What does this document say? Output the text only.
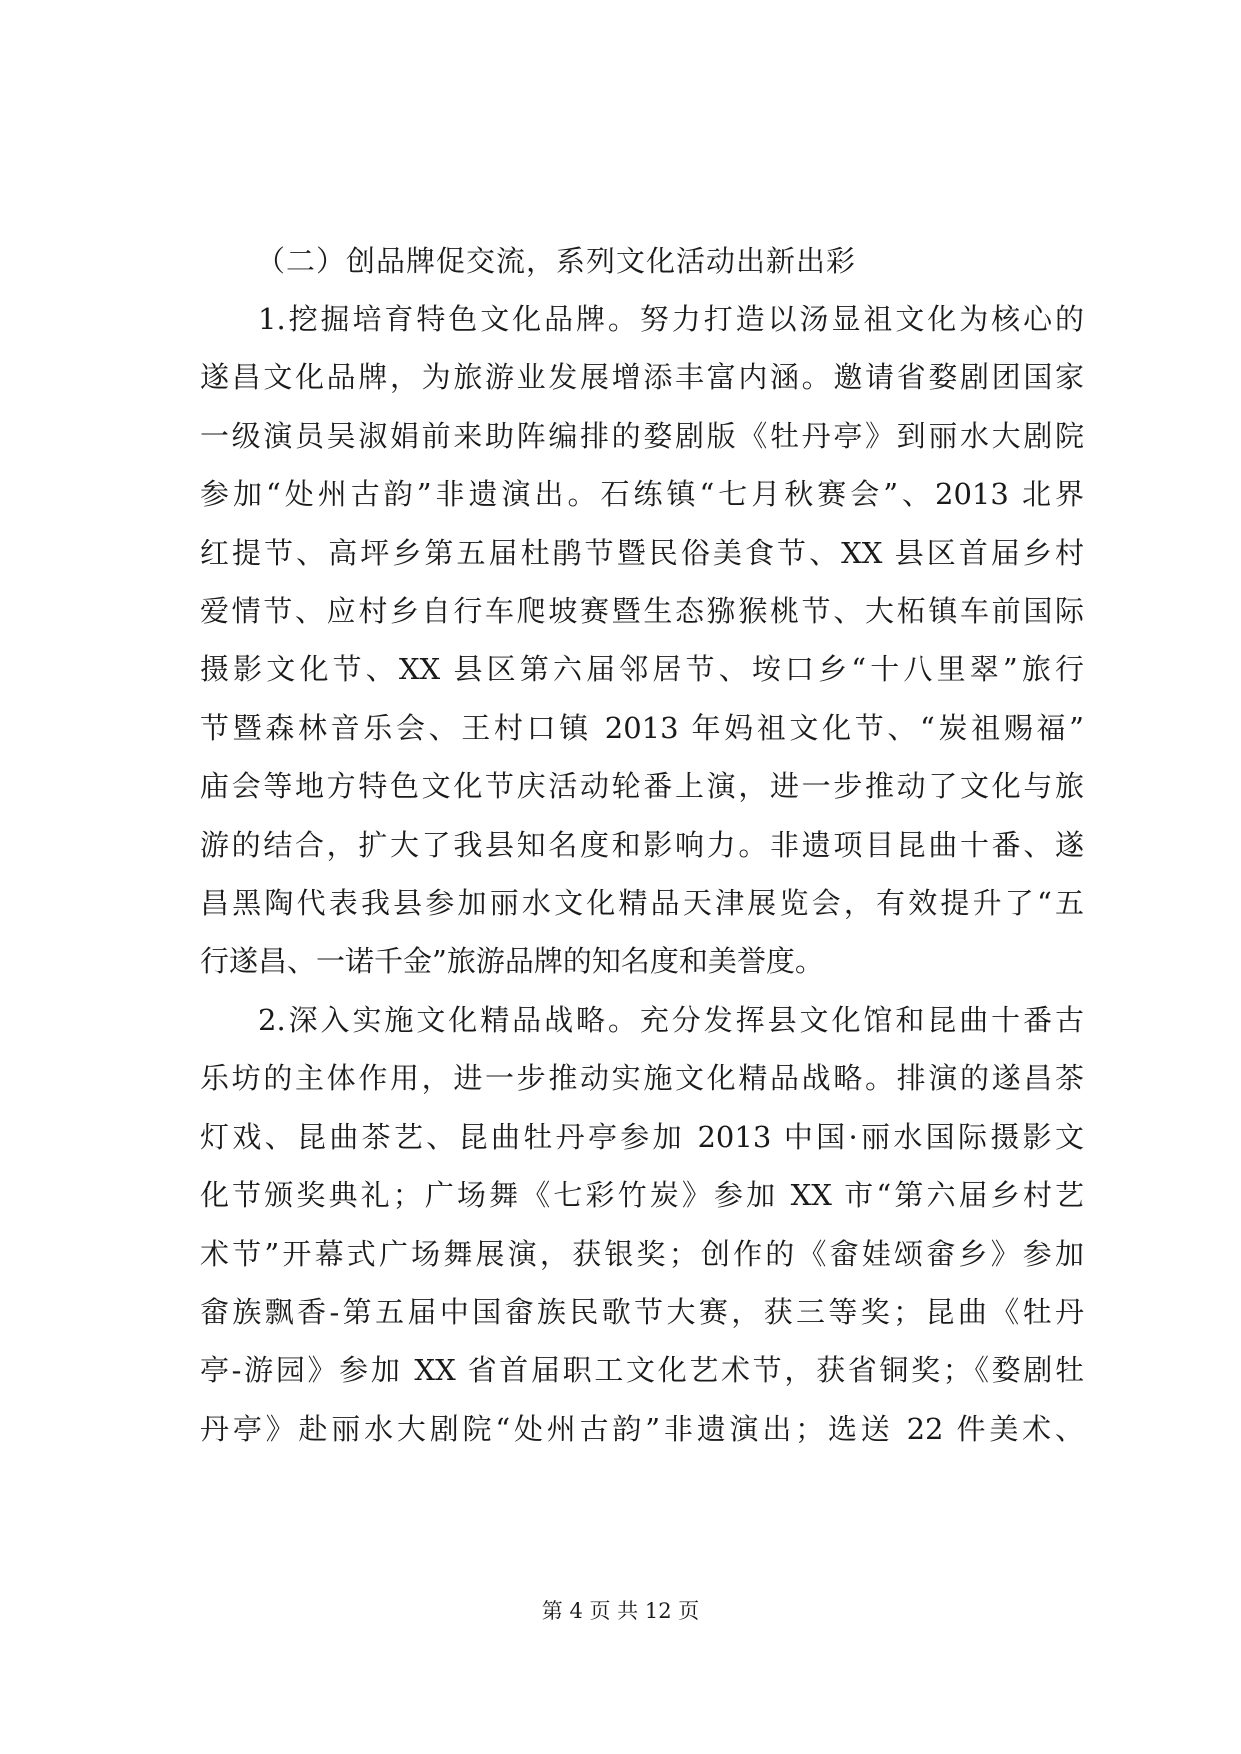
（二）创品牌促交流，系列文化活动出新出彩

1.挖掘培育特色文化品牌。努力打造以汤显祖文化为核心的
遂昌文化品牌，为旅游业发展增添丰富内涵。邀请省婺剧团国家
一级演员吴淑娟前来助阵编排的婺剧版《牡丹亭》到丽水大剧院
参加“处州古韵”非遗演出。石练镇“七月秋赛会”、2013 北界
红提节、高坪乡第五届杜鹃节暨民俗美食节、XX 县区首届乡村
爱情节、应村乡自行车爬坡赛暨生态猕猴桃节、大柘镇车前国际
摄影文化节、XX 县区第六届邻居节、垵口乡“十八里翠”旅行
节暨森林音乐会、王村口镇 2013 年妈祖文化节、“炭祖赐福”
庙会等地方特色文化节庆活动轮番上演，进一步推动了文化与旅
游的结合，扩大了我县知名度和影响力。非遗项目昆曲十番、遂
昌黑陶代表我县参加丽水文化精品天津展览会，有效提升了“五
行遂昌、一诺千金”旅游品牌的知名度和美誉度。

2.深入实施文化精品战略。充分发挥县文化馆和昆曲十番古
乐坊的主体作用，进一步推动实施文化精品战略。排演的遂昌茶
灯戏、昆曲茶艺、昆曲牡丹亭参加 2013 中国·丽水国际摄影文
化节颁奖典礼；广场舞《七彩竹炭》参加 XX 市“第六届乡村艺
术节”开幕式广场舞展演，获银奖；创作的《畲娃颂畲乡》参加
畲族飘香-第五届中国畲族民歌节大赛，获三等奖；昆曲《牡丹
亭-游园》参加 XX 省首届职工文化艺术节，获省铜奖；《婺剧牡
丹亭》赴丽水大剧院“处州古韵”非遗演出；选送 22 件美术、

第 4 页 共 12 页
